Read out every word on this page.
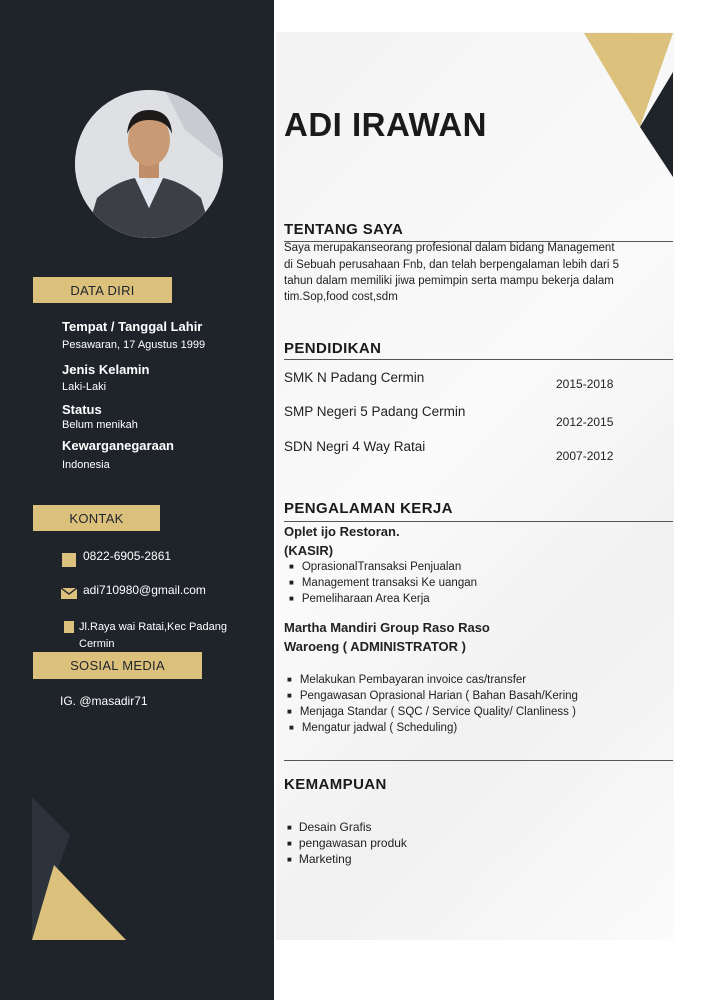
DATA DIRI
Tempat / Tanggal Lahir
Pesawaran, 17 Agustus 1999
Jenis Kelamin
Laki-Laki
Status
Belum menikah
Kewarganegaraan
Indonesia
KONTAK
0822-6905-2861
adi710980@gmail.com
Jl.Raya wai Ratai,Kec Padang
Cermin
SOSIAL MEDIA
IG. @masadir71
ADI IRAWAN
TENTANG SAYA
Saya merupakanseorang profesional dalam bidang Management
di Sebuah perusahaan Fnb, dan telah berpengalaman lebih dari 5
tahun dalam memiliki jiwa pemimpin serta mampu bekerja dalam
tim.Sop,food cost,sdm
PENDIDIKAN
SMK N Padang Cermin	2015-2018
SMP Negeri 5 Padang Cermin
2012-2015
SDN Negri 4 Way Ratai
2007-2012
PENGALAMAN KERJA
Oplet ijo Restoran.
(KASIR)
■ OprasionalTransaksi Penjualan
■ Management transaksi Ke uangan
■ Pemeliharaan Area Kerja
Martha Mandiri Group Raso Raso
Waroeng ( ADMINISTRATOR )
■ Melakukan Pembayaran invoice cas/transfer
■ Pengawasan Oprasional Harian ( Bahan Basah/Kering
■ Menjaga Standar ( SQC / Service Quality/ Clanliness )
■ Mengatur jadwal ( Scheduling)
KEMAMPUAN
■ Desain Grafis
■ pengawasan produk
■ Marketing
